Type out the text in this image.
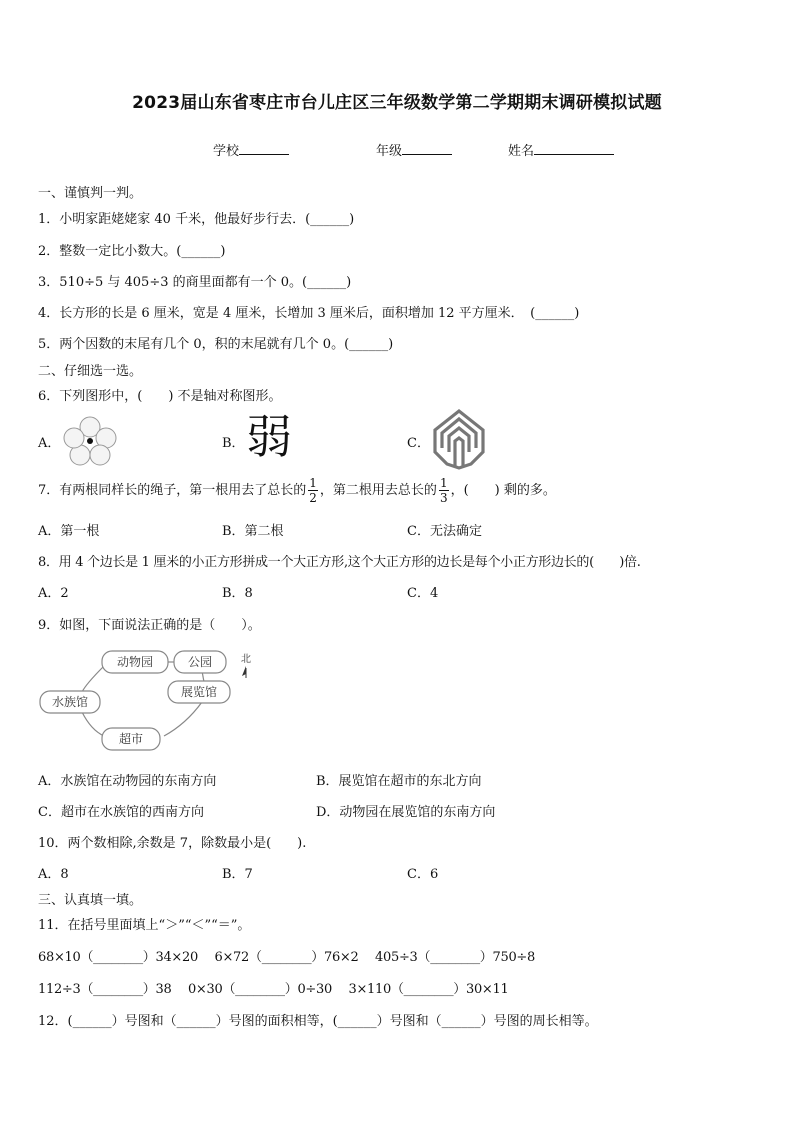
2023届山东省枣庄市台儿庄区三年级数学第二学期期末调研模拟试题
学校	年级	姓名
一、谨慎判一判。
1．小明家距姥姥家 40 千米，他最好步行去．(______)
2．整数一定比小数大。(______)
3．510÷5 与 405÷3 的商里面都有一个 0。(______)
4．长方形的长是 6 厘米，宽是 4 厘米，长增加 3 厘米后，面积增加 12 平方厘米．　(______)
5．两个因数的末尾有几个 0，积的末尾就有几个 0。(______)
二、仔细选一选。
6．下列图形中，(　　) 不是轴对称图形。
A．	B． 弱	C．
7．有两根同样长的绳子，第一根用去了总长的 $\frac{1}{2}$ ，第二根用去总长的 $\frac{1}{3}$ ，(　　) 剩的多。
A．第一根	B．第二根	C．无法确定
8．用 4 个边长是 1 厘米的小正方形拼成一个大正方形,这个大正方形的边长是每个小正方形边长的(　　)倍.
A．2	B．8	C．4
9．如图，下面说法正确的是（　　）。
动物园	公园
展览馆
水族馆
超市
北
A．水族馆在动物园的东南方向	B．展览馆在超市的东北方向
C．超市在水族馆的西南方向	D．动物园在展览馆的东南方向
10．两个数相除,余数是 7，除数最小是(　　).
A．8	B．7	C．6
三、认真填一填。
11．在括号里面填上“＞”“＜”“＝”。
68×10（________）34×20　 6×72（________）76×2　 405÷3（________）750÷8
112÷3（________）38　 0×30（________）0÷30　 3×110（________）30×11
12．(______）号图和（______）号图的面积相等，(______）号图和（______）号图的周长相等。
